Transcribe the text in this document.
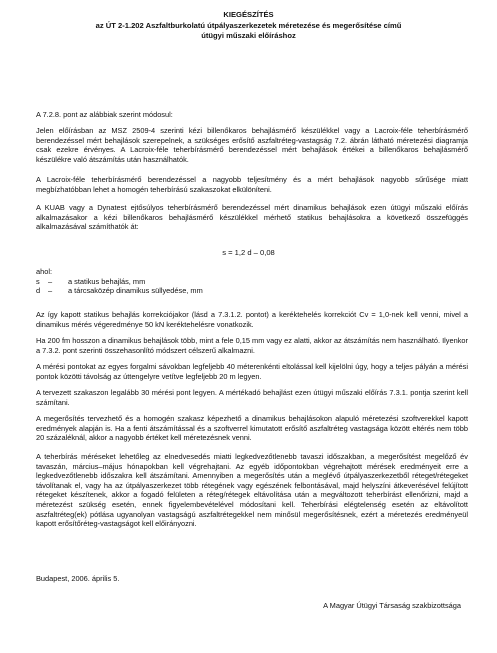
KIEGÉSZÍTÉS
az ÚT 2-1.202 Aszfaltburkolatú útpályaszerkezetek méretezése és megerősítése című
útügyi műszaki előíráshoz
A 7.2.8. pont az alábbiak szerint módosul:
Jelen előírásban az MSZ 2509-4 szerinti kézi billenőkaros behajlásmérő készülékkel vagy a Lacroix-féle teherbírásmérő berendezéssel mért behajlások szerepelnek, a szükséges erősítő aszfaltréteg-vastagság 7.2. ábrán látható méretezési diagramja csak ezekre érvényes. A Lacroix-féle teherbírásmérő berendezéssel mért behajlások értékei a billenőkaros behajlásmérő készülékre való átszámítás után használhatók.
A Lacroix-féle teherbírásmérő berendezéssel a nagyobb teljesítmény és a mért behajlások nagyobb sűrűsége miatt megbízhatóbban lehet a homogén teherbírású szakaszokat elkülöníteni.
A KUAB vagy a Dynatest ejtősúlyos teherbírásmérő berendezéssel mért dinamikus behajlások ezen útügyi műszaki előírás alkalmazásakor a kézi billenőkaros behajlásmérő készülékkel mérhető statikus behajlásokra a következő összefüggés alkalmazásával számíthatók át:
s = 1,2 d – 0,08
ahol:
s	–	a statikus behajlás, mm
d	–	a tárcsaközép dinamikus süllyedése, mm
Az így kapott statikus behajlás korrekciójakor (lásd a 7.3.1.2. pontot) a keréktehelés korrekciót Cv = 1,0-nek kell venni, mivel a dinamikus mérés végeredménye 50 kN keréktehelésre vonatkozik.
Ha 200 fm hosszon a dinamikus behajlások több, mint a fele 0,15 mm vagy ez alatti, akkor az átszámítás nem használható. Ilyenkor a 7.3.2. pont szerinti összehasonlító módszert célszerű alkalmazni.
A mérési pontokat az egyes forgalmi sávokban legfeljebb 40 méterenkénti eltolással kell kijelölni úgy, hogy a teljes pályán a mérési pontok közötti távolság az úttengelyre vetítve legfeljebb 20 m legyen.
A tervezett szakaszon legalább 30 mérési pont legyen. A mértékadó behajlást ezen útügyi műszaki előírás 7.3.1. pontja szerint kell számítani.
A megerősítés tervezhető és a homogén szakasz képezhető a dinamikus behajlásokon alapuló méretezési szoftverekkel kapott eredmények alapján is. Ha a fenti átszámítással és a szoftverrel kimutatott erősítő aszfaltréteg vastagsága között eltérés nem több 20 százaléknál, akkor a nagyobb értéket kell méretezésnek venni.
A teherbírás méréseket lehetőleg az elnedvesedés miatti legkedvezőtlenebb tavaszi időszakban, a megerősítést megelőző év tavaszán, március–május hónapokban kell végrehajtani. Az egyéb időpontokban végrehajtott mérések eredményeit erre a legkedvezőtlenebb időszakra kell átszámítani. Amennyiben a megerősítés után a meglévő útpályaszerkezetből réteget/rétegeket távolítanak el, vagy ha az útpályaszerkezet több rétegének vagy egészének felbontásával, majd helyszíni átkeverésével felújított rétegeket készítenek, akkor a fogadó felületen a réteg/rétegek eltávolítása után a megváltozott teherbírást ellenőrizni, majd a méretezést szükség esetén, ennek figyelembevételével módosítani kell. Teherbírási elégtelenség esetén az eltávolított aszfaltréteg(ek) pótlása ugyanolyan vastagságú aszfaltrétegekkel nem minősül megerősítésnek, ezért a méretezés eredményeül kapott erősítőréteg-vastagságot kell előirányozni.
Budapest, 2006. április 5.
A Magyar Útügyi Társaság szakbizottsága
